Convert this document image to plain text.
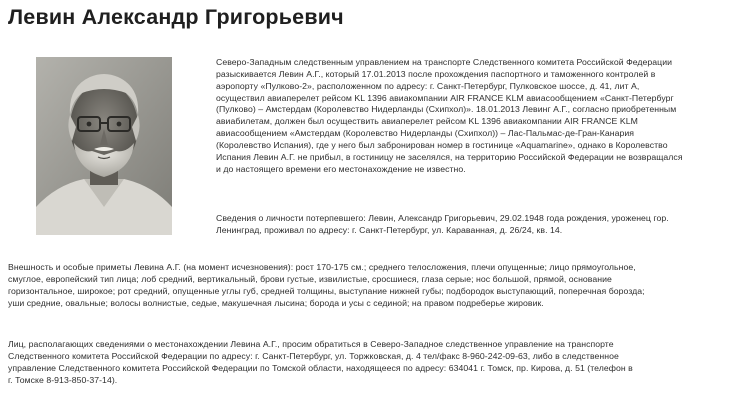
Левин Александр Григорьевич
Северо-Западным следственным управлением на транспорте Следственного комитета Российской Федерации
разыскивается Левин А.Г., который 17.01.2013 после прохождения паспортного и таможенного контролей в
аэропорту «Пулково-2», расположенном по адресу: г. Санкт-Петербург, Пулковское шоссе, д. 41, лит А,
осуществил авиаперелет рейсом KL 1396 авиакомпании AIR FRANCE KLM авиасообщением «Санкт-Петербург
(Пулково) – Амстердам (Королевство Нидерланды (Схипхол)». 18.01.2013 Левинг А.Г., согласно приобретенным
авиабилетам, должен был осуществить авиаперелет рейсом KL 1396 авиакомпании AIR FRANCE KLM
авиасообщением «Амстердам (Королевство Нидерланды (Схипхол)) – Лас-Пальмас-де-Гран-Канария
(Королевство Испания), где у него был забронирован номер в гостинице «Aquamarine», однако в Королевство
Испания Левин А.Г. не прибыл, в гостиницу не заселялся, на территорию Российской Федерации не возвращался
и до настоящего времени его местонахождение не известно.
Сведения о личности потерпевшего: Левин, Александр Григорьевич, 29.02.1948 года рождения, уроженец гор.
Ленинград, проживал по адресу: г. Санкт-Петербург, ул. Караванная, д. 26/24, кв. 14.
Внешность и особые приметы Левина А.Г. (на момент исчезновения): рост 170-175 см.; среднего телосложения, плечи опущенные; лицо прямоугольное,
смуглое, европейский тип лица; лоб средний, вертикальный, брови густые, извилистые, сросшиеся, глаза серые; нос большой, прямой, основание
горизонтальное, широкое; рот средний, опущенные углы губ, средней толщины, выступание нижней губы; подбородок выступающий, поперечная борозда;
уши средние, овальные; волосы волнистые, седые, макушечная лысина; борода и усы с сединой; на правом подреберье жировик.
Лиц, располагающих сведениями о местонахождении Левина А.Г., просим обратиться в Северо-Западное следственное управление на транспорте
Следственного комитета Российской Федерации по адресу: г. Санкт-Петербург, ул. Торжковская, д. 4 тел/факс 8-960-242-09-63, либо в следственное
управление Следственного комитета Российской Федерации по Томской области, находящееся по адресу: 634041 г. Томск, пр. Кирова, д. 51 (телефон в
г. Томске 8-913-850-37-14).
